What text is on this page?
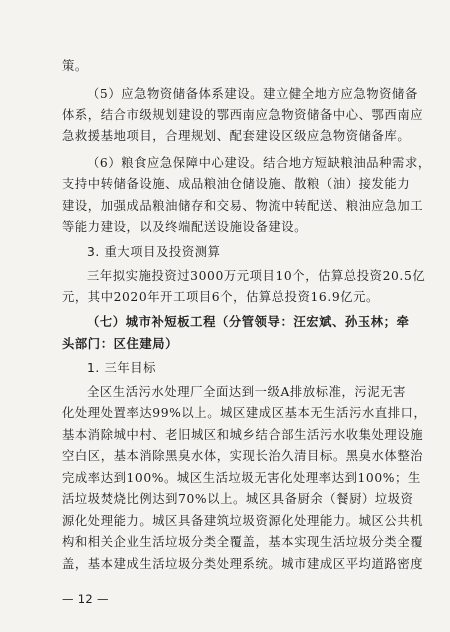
策。
（5）应急物资储备体系建设。建立健全地方应急物资储备
体系，结合市级规划建设的鄂西南应急物资储备中心、鄂西南应
急救援基地项目，合理规划、配套建设区级应急物资储备库。
（6）粮食应急保障中心建设。结合地方短缺粮油品种需求，
支持中转储备设施、成品粮油仓储设施、散粮（油）接发能力
建设，加强成品粮油储存和交易、物流中转配送、粮油应急加工
等能力建设，以及终端配送设施设备建设。
3. 重大项目及投资测算
三年拟实施投资过3000万元项目10个，估算总投资20.5亿
元，其中2020年开工项目6个，估算总投资16.9亿元。
（七）城市补短板工程（分管领导：汪宏斌、孙玉林；牵
头部门：区住建局）
1. 三年目标
全区生活污水处理厂全面达到一级A排放标准，污泥无害
化处理处置率达99%以上。城区建成区基本无生活污水直排口，
基本消除城中村、老旧城区和城乡结合部生活污水收集处理设施
空白区，基本消除黑臭水体，实现长治久清目标。黑臭水体整治
完成率达到100%。城区生活垃圾无害化处理率达到100%；生
活垃圾焚烧比例达到70%以上。城区具备厨余（餐厨）垃圾资
源化处理能力。城区具备建筑垃圾资源化处理能力。城区公共机
构和相关企业生活垃圾分类全覆盖，基本实现生活垃圾分类全覆
盖，基本建成生活垃圾分类处理系统。城市建成区平均道路密度
— 12 —
